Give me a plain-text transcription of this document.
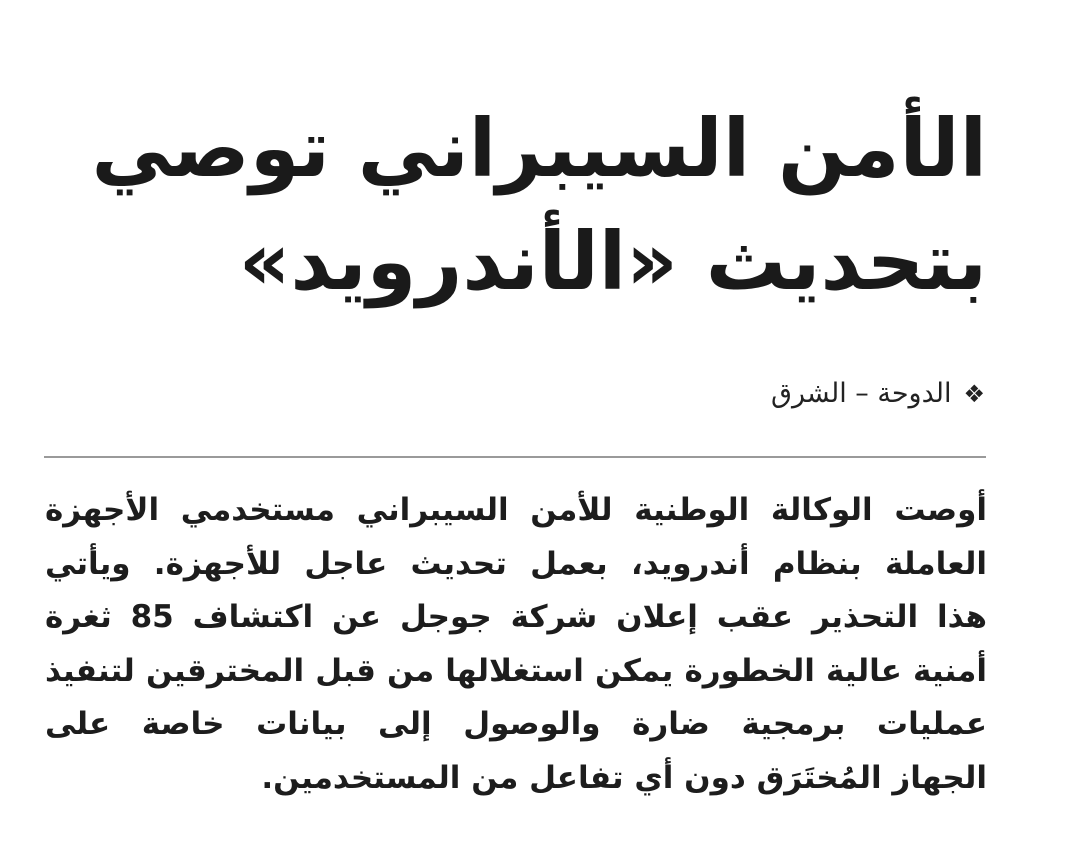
الأمن السيبراني توصي
بتحديث «الأندرويد»
❖
الدوحة – الشرق

أوصت الوكالة الوطنية للأمن السيبراني مستخدمي الأجهزة
العاملة بنظام أندرويد، بعمل تحديث عاجل للأجهزة. ويأتي
هذا التحذير عقب إعلان شركة جوجل عن اكتشاف 85 ثغرة
أمنية عالية الخطورة يمكن استغلالها من قبل المخترقين لتنفيذ
عمليات برمجية ضارة والوصول إلى بيانات خاصة على
الجهاز المُختَرَق دون أي تفاعل من المستخدمين.
